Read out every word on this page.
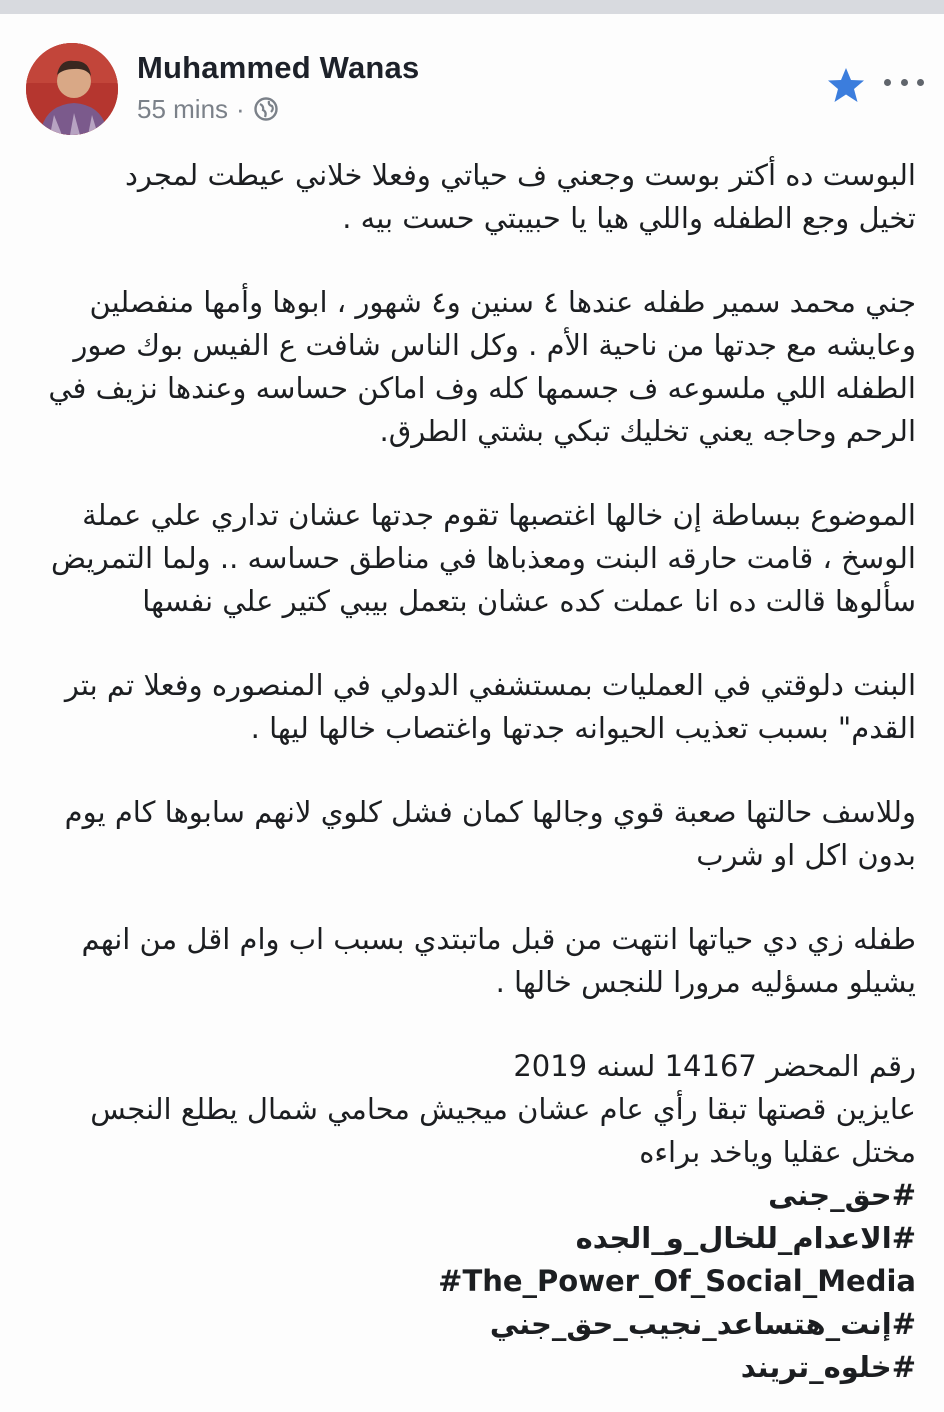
Muhammed Wanas
55 mins ·
البوست ده أكتر بوست وجعني ف حياتي وفعلا خلاني عيطت لمجرد
تخيل وجع الطفله واللي هيا يا حبيبتي حست بيه .
جني محمد سمير طفله عندها ٤ سنين و٤ شهور ، ابوها وأمها منفصلين
وعايشه مع جدتها من ناحية الأم . وكل الناس شافت ع الفيس بوك صور
الطفله اللي ملسوعه ف جسمها كله وف اماكن حساسه وعندها نزيف في
الرحم وحاجه يعني تخليك تبكي بشتي الطرق.
الموضوع ببساطة إن خالها اغتصبها تقوم جدتها عشان تداري علي عملة
الوسخ ، قامت حارقه البنت ومعذباها في مناطق حساسه .. ولما التمريض
سألوها قالت ده انا عملت كده عشان بتعمل بيبي كتير علي نفسها
البنت دلوقتي في العمليات بمستشفي الدولي في المنصوره وفعلا تم بتر
القدم" بسبب تعذيب الحيوانه جدتها واغتصاب خالها ليها .
وللاسف حالتها صعبة قوي وجالها كمان فشل كلوي لانهم سابوها كام يوم
بدون اكل او شرب
طفله زي دي حياتها انتهت من قبل ماتبتدي بسبب اب وام اقل من انهم
يشيلو مسؤليه مرورا للنجس خالها .
رقم المحضر 14167 لسنه 2019
عايزين قصتها تبقا رأي عام عشان ميجيش محامي شمال يطلع النجس
مختل عقليا وياخد براءه
#حق_جنى
#الاعدام_للخال_و_الجده
#The_Power_Of_Social_Media
#إنت_هتساعد_نجيب_حق_جني
#خلوه_تريند
